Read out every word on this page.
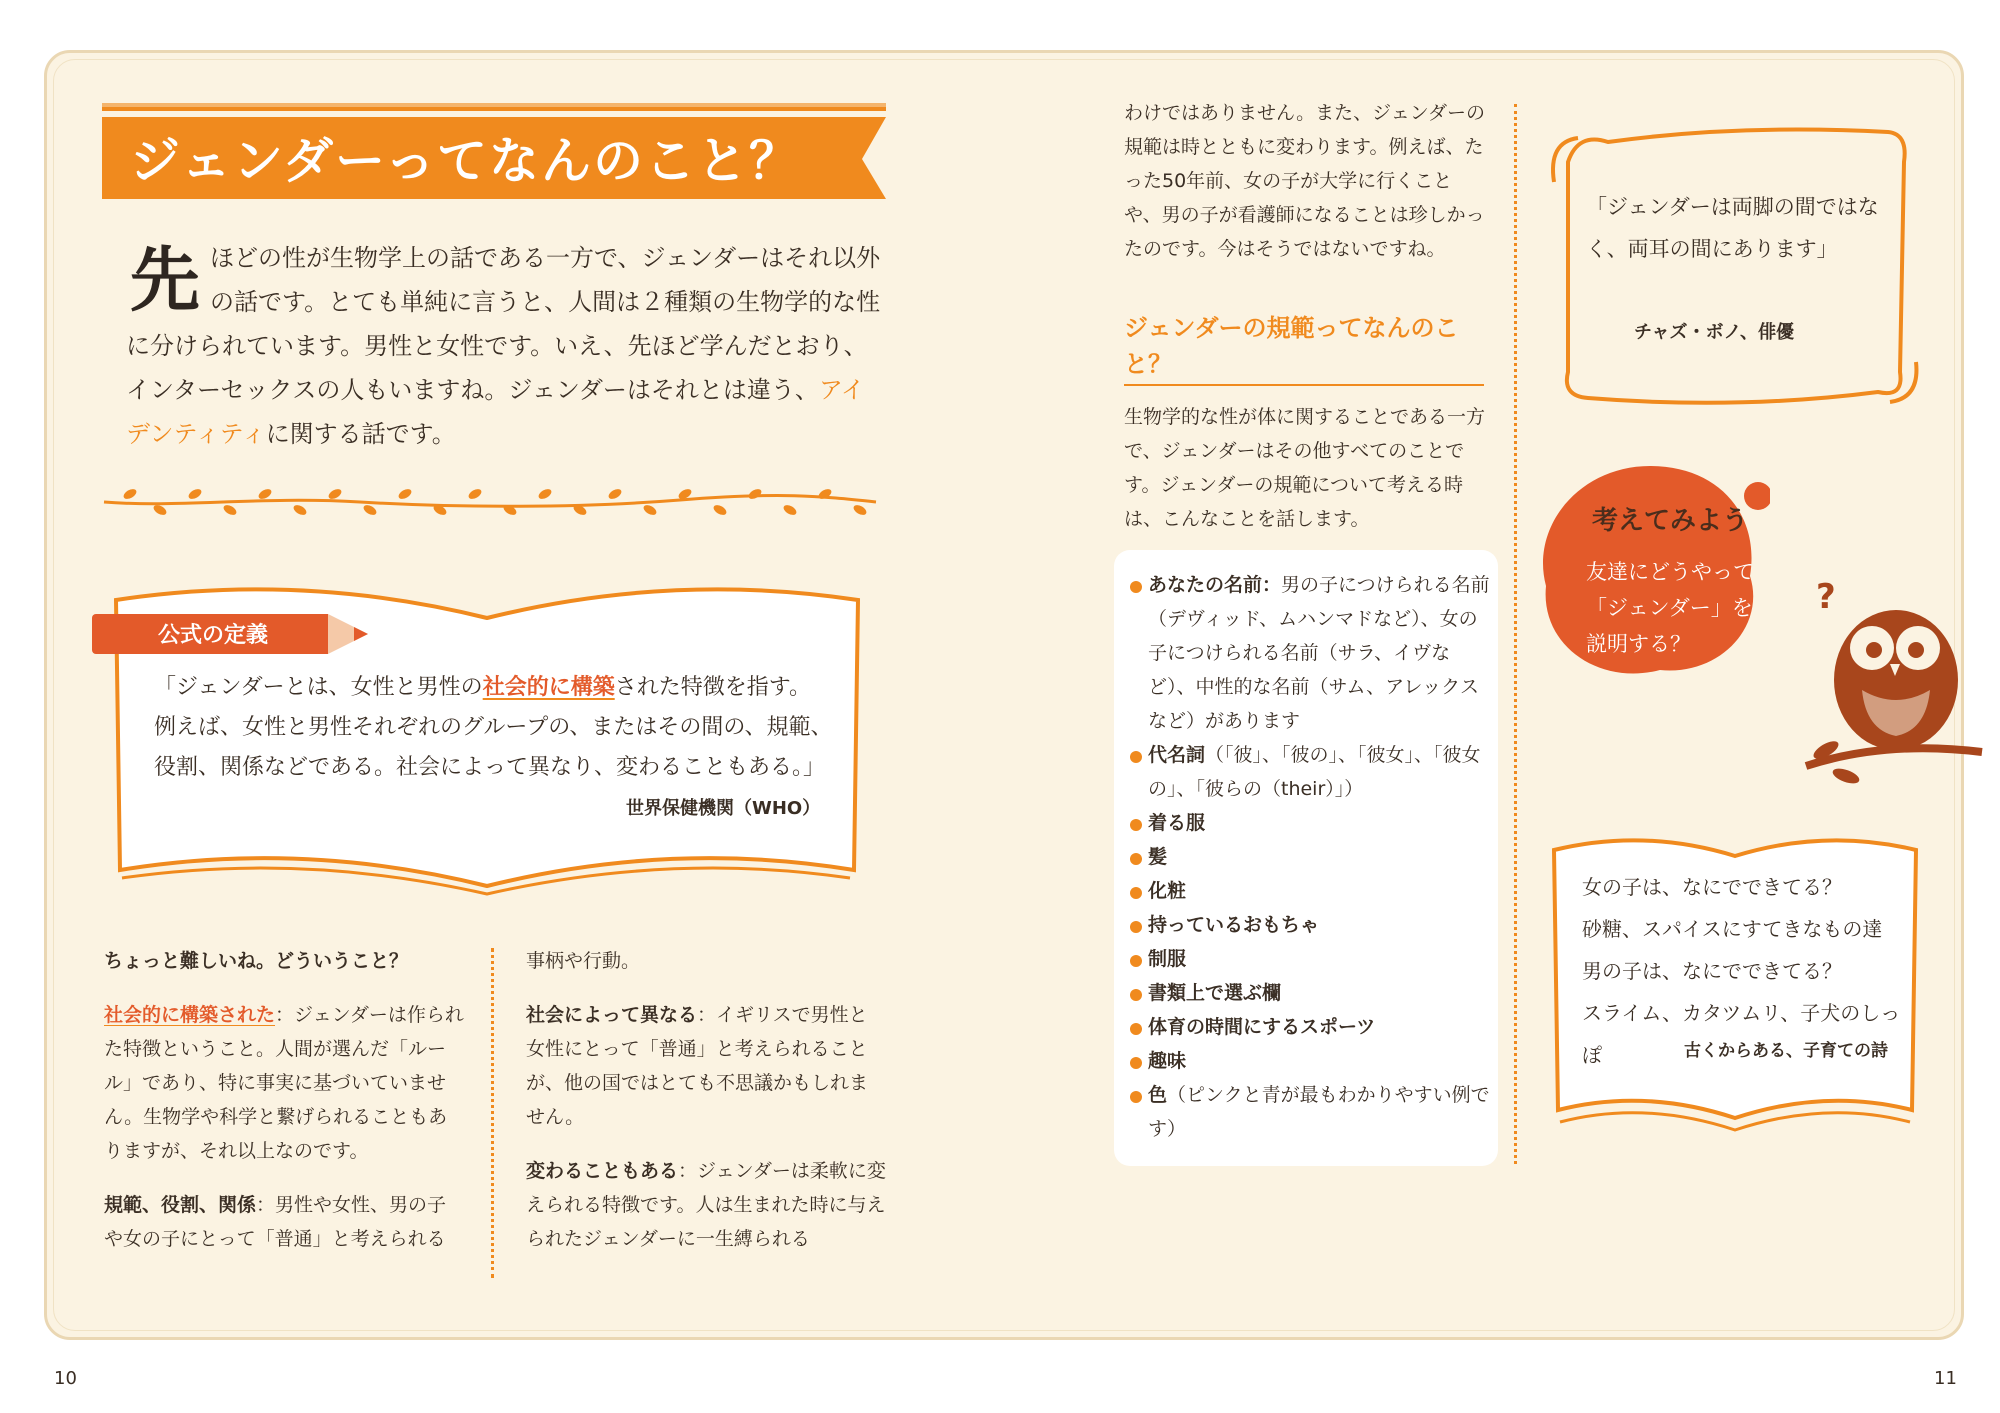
ジェンダーってなんのこと？
先ほどの性が生物学上の話である一方で、ジェンダーはそれ以外の話です。とても単純に言うと、人間は２種類の生物学的な性に分けられています。男性と女性です。いえ、先ほど学んだとおり、インターセックスの人もいますね。ジェンダーはそれとは違う、アイデンティティに関する話です。
公式の定義
「ジェンダーとは、女性と男性の社会的に構築された特徴を指す。
例えば、女性と男性それぞれのグループの、またはその間の、規範、
役割、関係などである。社会によって異なり、変わることもある。」
世界保健機関（WHO）

ちょっと難しいね。どういうこと？

社会的に構築された：ジェンダーは作られた特徴ということ。人間が選んだ「ルール」であり、特に事実に基づいていません。生物学や科学と繋げられることもありますが、それ以上なのです。

規範、役割、関係：男性や女性、男の子や女の子にとって「普通」と考えられる

事柄や行動。

社会によって異なる：イギリスで男性と女性にとって「普通」と考えられることが、他の国ではとても不思議かもしれません。

変わることもある：ジェンダーは柔軟に変えられる特徴です。人は生まれた時に与えられたジェンダーに一生縛られる

わけではありません。また、ジェンダーの規範は時とともに変わります。例えば、たった50年前、女の子が大学に行くことや、男の子が看護師になることは珍しかったのです。今はそうではないですね。
ジェンダーの規範ってなんのこと？
生物学的な性が体に関することである一方で、ジェンダーはその他すべてのことです。ジェンダーの規範について考える時は、こんなことを話します。
あなたの名前：男の子につけられる名前（デヴィッド、ムハンマドなど）、女の子につけられる名前（サラ、イヴなど）、中性的な名前（サム、アレックスなど）があります
代名詞（「彼」、「彼の」、「彼女」、「彼女の」、「彼らの（their）」）
着る服
髪
化粧
持っているおもちゃ
制服
書類上で選ぶ欄
体育の時間にするスポーツ
趣味
色（ピンクと青が最もわかりやすい例です）
「ジェンダーは両脚の間ではなく、両耳の間にあります」
チャズ・ボノ、俳優
考えてみよう
友達にどうやって「ジェンダー」を説明する？
?
女の子は、なにでできてる？
砂糖、スパイスにすてきなもの達
男の子は、なにでできてる？
スライム、カタツムリ、子犬のしっぽ	古くからある、子育ての詩
10	11
